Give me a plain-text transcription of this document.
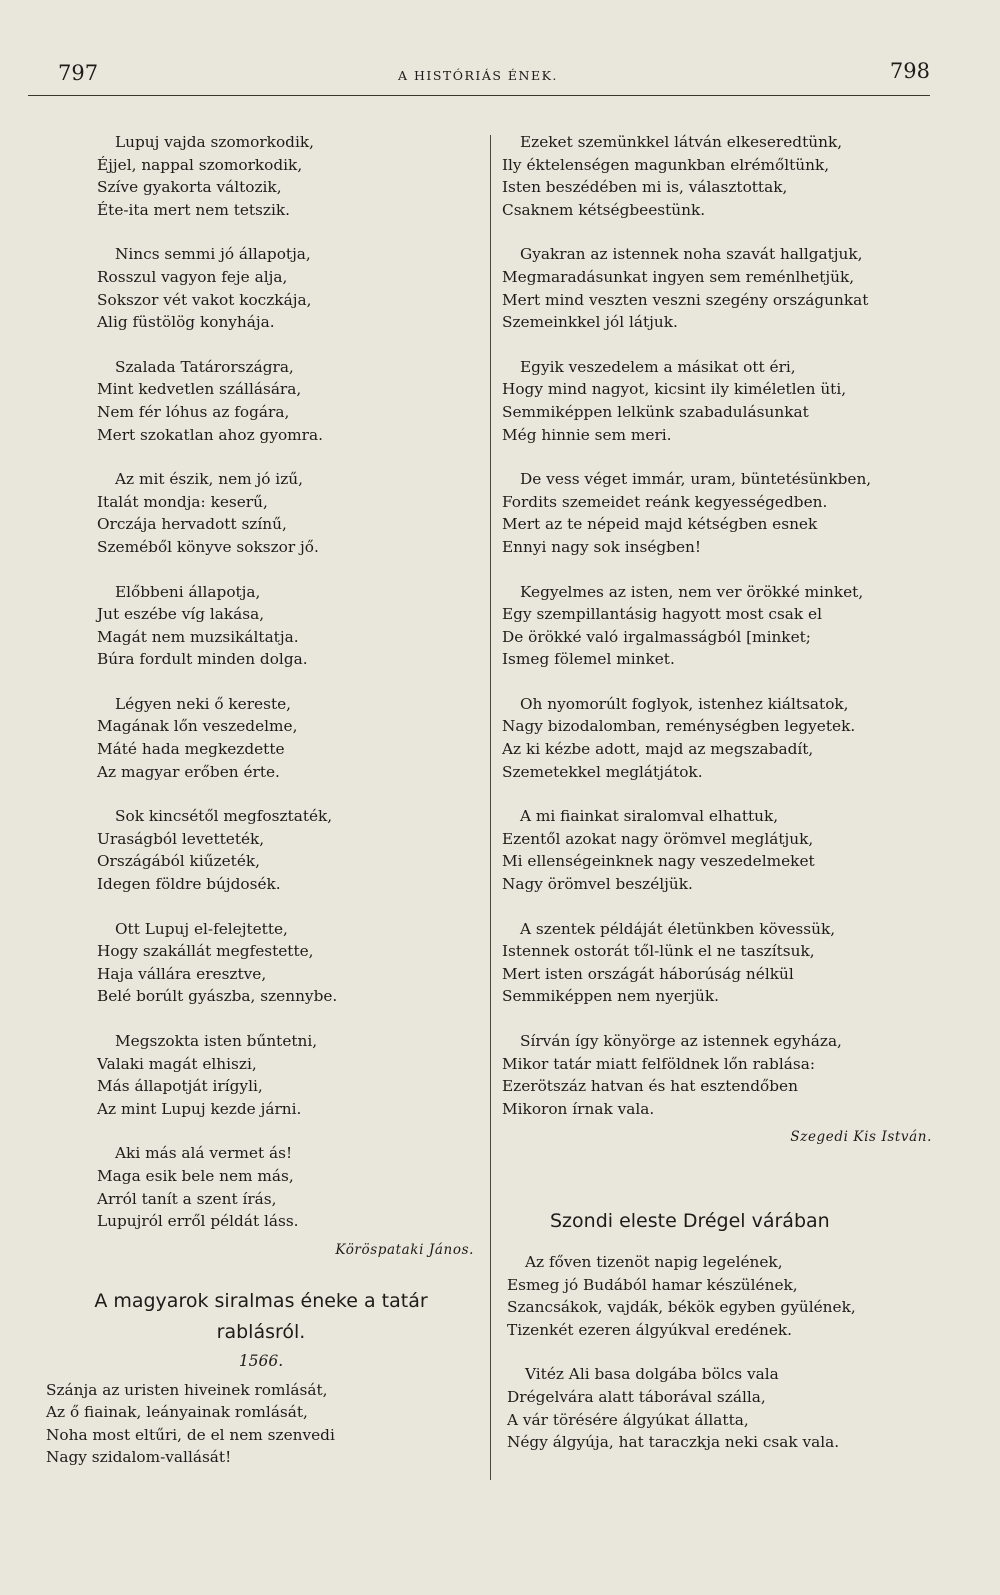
797	A HISTÓRIÁS ÉNEK.	798
Lupuj vajda szomorkodik,
Éjjel, nappal szomorkodik,
Szíve gyakorta változik,
Éte-ita mert nem tetszik.
Nincs semmi jó állapotja,
Rosszul vagyon feje alja,
Sokszor vét vakot koczkája,
Alig füstölög konyhája.
Szalada Tatárországra,
Mint kedvetlen szállására,
Nem fér lóhus az fogára,
Mert szokatlan ahoz gyomra.
Az mit észik, nem jó izű,
Italát mondja: keserű,
Orczája hervadott színű,
Szeméből könyve sokszor jő.
Előbbeni állapotja,
Jut eszébe víg lakása,
Magát nem muzsikáltatja.
Búra fordult minden dolga.
Légyen neki ő kereste,
Magának lőn veszedelme,
Máté hada megkezdette
Az magyar erőben érte.
Sok kincsétől megfosztaték,
Uraságból levetteték,
Országából kiűzeték,
Idegen földre bújdosék.
Ott Lupuj el-felejtette,
Hogy szakállát megfestette,
Haja vállára eresztve,
Belé borúlt gyászba, szennybe.
Megszokta isten bűntetni,
Valaki magát elhiszi,
Más állapotját irígyli,
Az mint Lupuj kezde járni.
Aki más alá vermet ás!
Maga esik bele nem más,
Arról tanít a szent írás,
Lupujról erről példát láss.
Köröspataki János.
Ezeket szemünkkel látván elkeseredtünk,
Ily éktelenségen magunkban elrémőltünk,
Isten beszédében mi is, választottak,
Csaknem kétségbeestünk.
Gyakran az istennek noha szavát hallgatjuk,
Megmaradásunkat ingyen sem reménlhetjük,
Mert mind veszten veszni szegény országunkat
Szemeinkkel jól látjuk.
Egyik veszedelem a másikat ott éri,
Hogy mind nagyot, kicsint ily kiméletlen üti,
Semmiképpen lelkünk szabadulásunkat
Még hinnie sem meri.
De vess véget immár, uram, büntetésünkben,
Fordits szemeidet reánk kegyességedben.
Mert az te népeid majd kétségben esnek
Ennyi nagy sok inségben!
Kegyelmes az isten, nem ver örökké minket,
Egy szempillantásig hagyott most csak el
De örökké való irgalmasságból [minket;
Ismeg fölemel minket.
Oh nyomorúlt foglyok, istenhez kiáltsatok,
Nagy bizodalomban, reménységben legyetek.
Az ki kézbe adott, majd az megszabadít,
Szemetekkel meglátjátok.
A mi fiainkat siralomval elhattuk,
Ezentől azokat nagy örömvel meglátjuk,
Mi ellenségeinknek nagy veszedelmeket
Nagy örömvel beszéljük.
A szentek példáját életünkben kövessük,
Istennek ostorát től-lünk el ne taszítsuk,
Mert isten országát háborúság nélkül
Semmiképpen nem nyerjük.
Sírván így könyörge az istennek egyháza,
Mikor tatár miatt felföldnek lőn rablása:
Ezerötszáz hatvan és hat esztendőben
Mikoron írnak vala.
Szegedi Kis István.
A magyarok siralmas éneke a tatár
rablásról.
1566.
Szánja az uristen hiveinek romlását,
Az ő fiainak, leányainak romlását,
Noha most eltűri, de el nem szenvedi
Nagy szidalom-vallását!
Szondi eleste Drégel várában
Az főven tizenöt napig legelének,
Esmeg jó Budából hamar készülének,
Szancsákok, vajdák, békök egyben gyülének,
Tizenkét ezeren álgyúkval eredének.
Vitéz Ali basa dolgába bölcs vala
Drégelvára alatt táborával szálla,
A vár törésére álgyúkat állatta,
Négy álgyúja, hat taraczkja neki csak vala.
